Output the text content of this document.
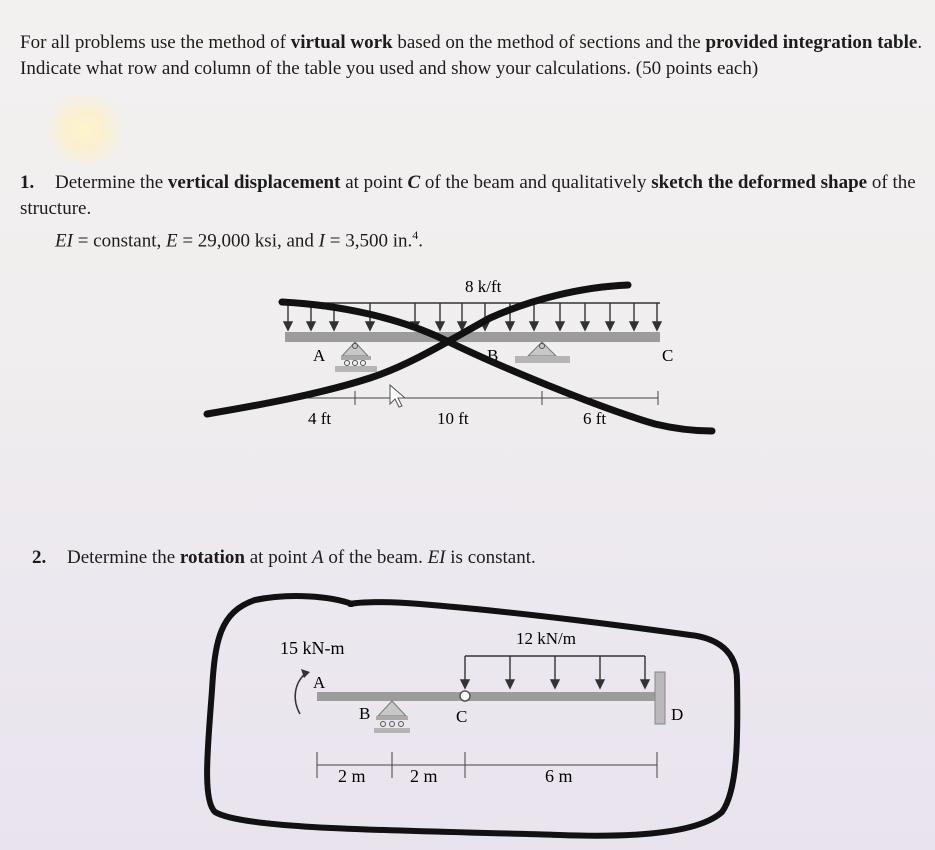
For all problems use the method of virtual work based on the method of sections and the provided integration table. Indicate what row and column of the table you used and show your calculations. (50 points each)
1. Determine the vertical displacement at point C of the beam and qualitatively sketch the deformed shape of the structure.
EI = constant, E = 29,000 ksi, and I = 3,500 in.$^4$.
2. Determine the rotation at point A of the beam. EI is constant.
8 k/ft
A	B	C
4 ft	10 ft	6 ft
12 kN/m
15 kN-m
A
B	C	D
2 m 2 m	6 m
